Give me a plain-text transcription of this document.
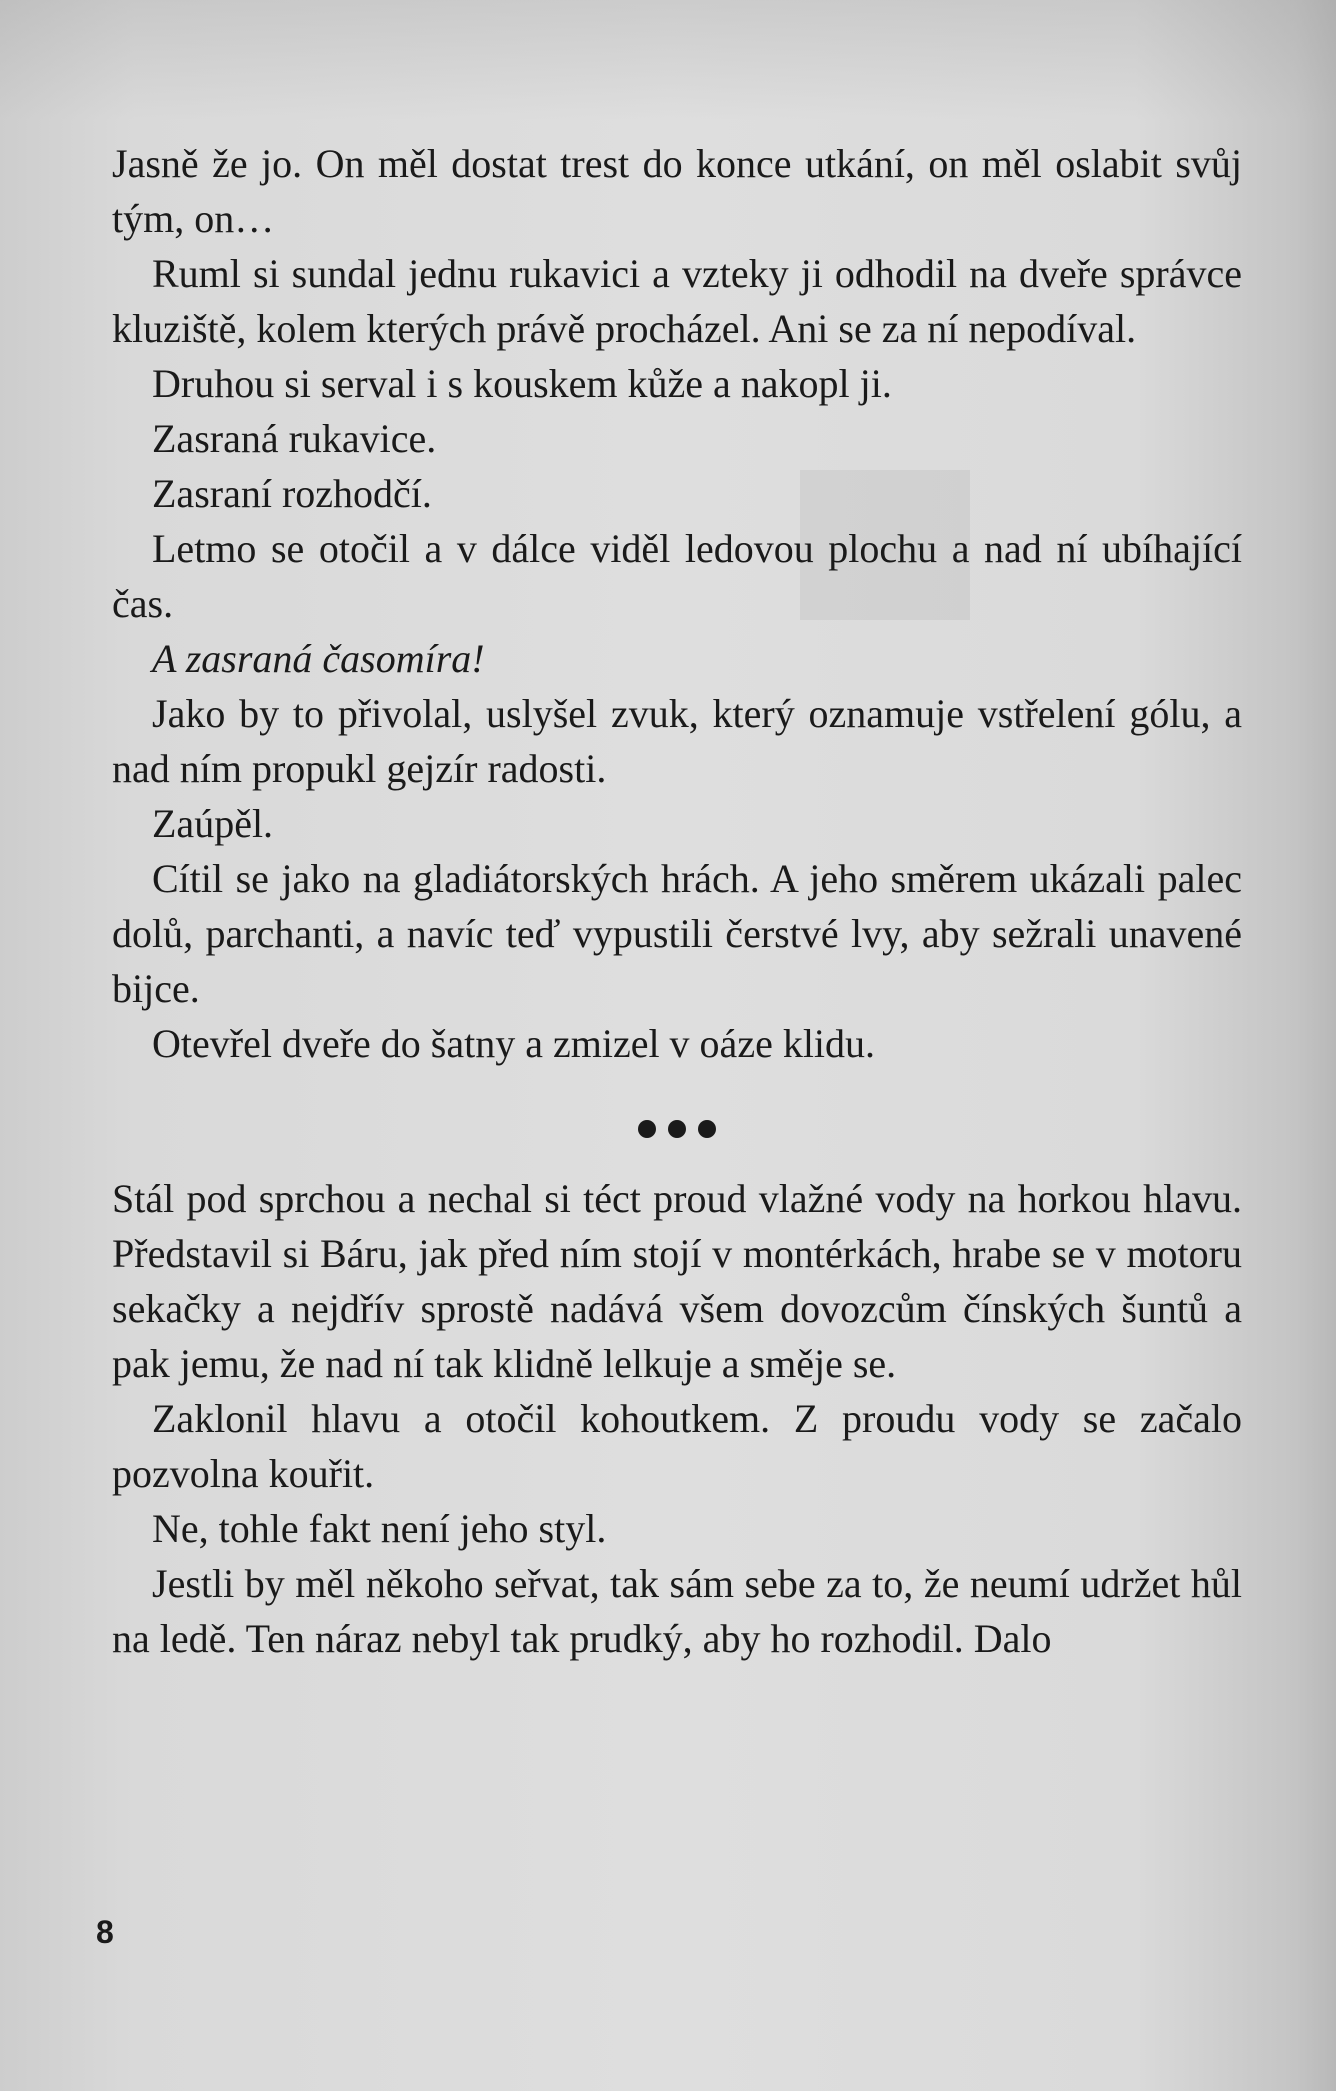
Jasně že jo. On měl dostat trest do konce utkání, on měl oslabit svůj tým, on…

Ruml si sundal jednu rukavici a vzteky ji odhodil na dveře správce kluziště, kolem kterých právě procházel. Ani se za ní nepodíval.

Druhou si serval i s kouskem kůže a nakopl ji.

Zasraná rukavice.

Zasraní rozhodčí.

Letmo se otočil a v dálce viděl ledovou plochu a nad ní ubíhající čas.

A zasraná časomíra!

Jako by to přivolal, uslyšel zvuk, který oznamuje vstřelení gólu, a nad ním propukl gejzír radosti.

Zaúpěl.

Cítil se jako na gladiátorských hrách. A jeho směrem ukázali palec dolů, parchanti, a navíc teď vypustili čerstvé lvy, aby sežrali unavené bijce.

Otevřel dveře do šatny a zmizel v oáze klidu.

Stál pod sprchou a nechal si téct proud vlažné vody na horkou hlavu. Představil si Báru, jak před ním stojí v montérkách, hrabe se v motoru sekačky a nejdřív sprostě nadává všem dovozcům čínských šuntů a pak jemu, že nad ní tak klidně lelkuje a směje se.

Zaklonil hlavu a otočil kohoutkem. Z proudu vody se začalo pozvolna kouřit.

Ne, tohle fakt není jeho styl.

Jestli by měl někoho seřvat, tak sám sebe za to, že neumí udržet hůl na ledě. Ten náraz nebyl tak prudký, aby ho rozhodil. Dalo

8
